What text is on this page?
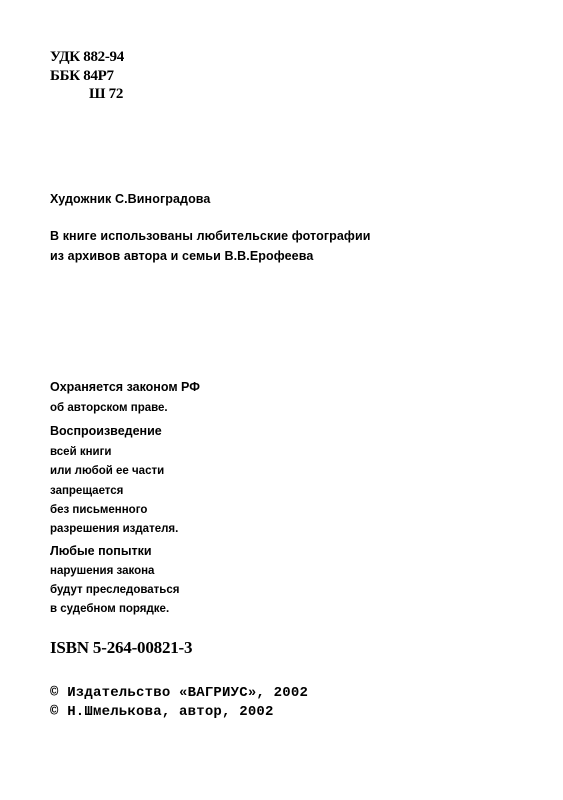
УДК 882-94
ББК 84Р7
Ш 72
Художник С.Виноградова
В книге использованы любительские фотографии
из архивов автора и семьи В.В.Ерофеева
Охраняется законом РФ
об авторском праве.
Воспроизведение
всей книги
или любой ее части
запрещается
без письменного
разрешения издателя.
Любые попытки
нарушения закона
будут преследоваться
в судебном порядке.
ISBN 5-264-00821-3
© Издательство «ВАГРИУС», 2002
© Н.Шмелькова, автор, 2002
